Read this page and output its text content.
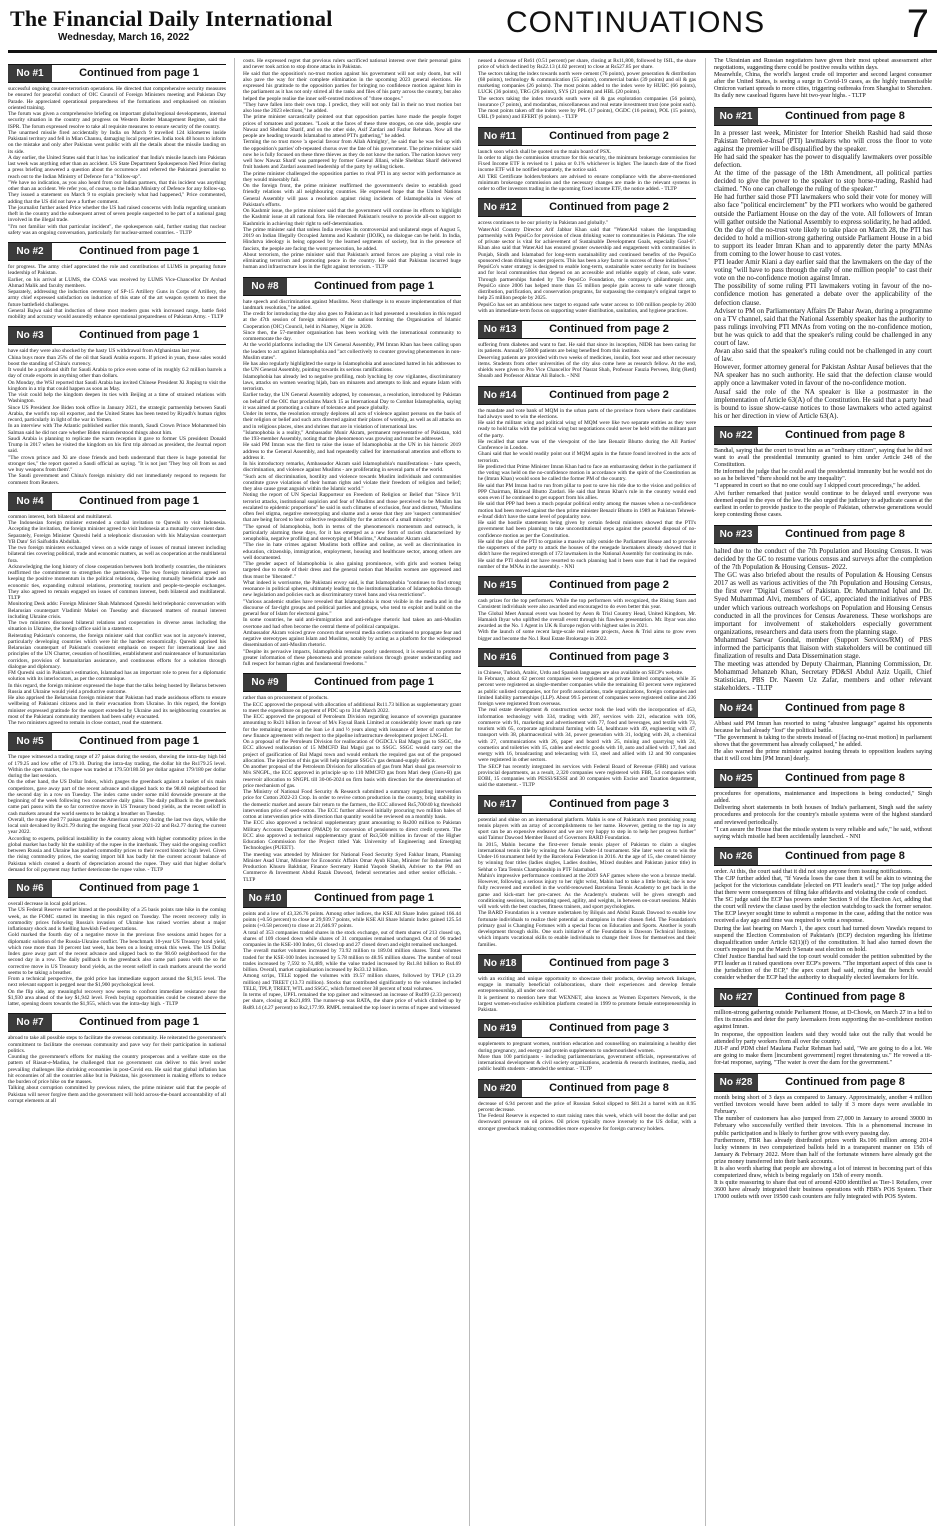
The Financial Daily International
Wednesday, March 16, 2022	CONTINUATIONS	7
No #1	Continued from page 1

successful ongoing counter-terrorism operations. He directed that comprehensive security measures be ensured for peaceful conduct of OIC Council of Foreign Ministers meeting and Pakistan Day Parade. He appreciated operational preparedness of the formations and emphasised on mission oriented training.
The forum was given a comprehensive briefing on important global/regional developments, internal security situation in the country and progress on Western Border Management Regime, said the ISPR. The forum expressed resolve to take all requisite measures to ensure security of the country.
The unarmed missile fired accidentally by India on March 9 travelled 124 kilometres inside Pakistani territory and fell in Mian Channu, damaging local properties. India took 48 hours to inform on the mistake and only after Pakistan went public with all the details about the missile landing on its side.
A day earlier, the United States said that it has 'no indication' that India's missile launch into Pakistan last week was anything other than an accident. US State Department Spokesperson Ned Price during a press briefing answered a question about the occurrence and referred the Pakistani journalist to reach out to the Indian Ministry of Defence for a "follow-up".
"We have no indication, as you also heard from our Indian partners, that this incident was anything other than an accident. We refer you, of course, to the Indian Ministry of Defence for any follow-up. They issued a statement on March 9 to explain precisely what had happened," Price commented, adding that the US did not have a further comment.
The journalist further asked Price whether the US had raised concerns with India regarding uranium theft in the country and the subsequent arrest of seven people suspected to be part of a national gang involved in the illegal trade.
"I'm not familiar with that particular incident", the spokesperson said, further stating that nuclear safety was an ongoing conversation, particularly for nuclear-armed countries. - TLTP

No #2	Continued from page 1

for progress. The army chief appreciated the role and contributions of LUMS in preparing future leadership of Pakistan.
Earlier, on his arrival at LUMS, the COAS was received by LUMS Vice-Chancellor Dr Arshad Ahmad Malik and faculty members.
Separately, addressing the induction ceremony of SP-15 Artillery Guns in Corps of Artillery, the army chief expressed satisfaction on induction of this state of the art weapon system to meet the future battlefield challenges.
General Bajwa said that induction of these most modern guns with increased range, battle field mobility and accuracy would assuredly enhance operational preparedness of Pakistan Army. - TLTP

No #3	Continued from page 1

have said they were also shocked by the hasty US withdrawal from Afghanistan last year.
China buys more than 25% of the oil that Saudi Arabia exports. If priced in yuan, those sales would boost the standing of China's currency.
It would be a profound shift for Saudi Arabia to price even some of its roughly 6.2 million barrels a day of crude exports in anything other than dollars.
On Monday, the WSJ reported that Saudi Arabia has invited Chinese President Xi Jinping to visit the kingdom in a trip that could happen as soon as May.
The visit could help the kingdom deepen its ties with Beijing at a time of strained relations with Washington.
Since US President Joe Biden took office in January 2021, the strategic partnership between Saudi Arabia, the world's top oil exporter, and the United States has been tested by Riyadh's human rights record, particularly in light of the war in Yemen.
In an interview with The Atlantic published earlier this month, Saudi Crown Prince Mohammed bin Salman said he did not care whether Biden misunderstood things about him.
Saudi Arabia is planning to replicate the warm reception it gave to former US president Donald Trump in 2017 when he visited the kingdom on his first trip abroad as president, the Journal report said.
"The crown prince and Xi are close friends and both understand that there is huge potential for stronger ties," the report quoted a Saudi official as saying. "It is not just 'They buy oil from us and we buy weapons from them'."
The Saudi government and China's foreign ministry did not immediately respond to requests for comment from Reuters.

No #4	Continued from page 1

common interest, both bilateral and multilateral.
The Indonesian foreign minister extended a cordial invitation to Qureshi to visit Indonesia. Accepting the invitation, the foreign minister agreed to visit Indonesia at a mutually convenient date.
Separately, Foreign Minister Qureshi held a telephonic discussion with his Malaysian counterpart YB Dato' Sri Saifuddin Abdullah.
The two foreign ministers exchanged views on a wide range of issues of mutual interest including bilateral ties covering political, trade and economic matters, as well as cooperation at the multilateral fora.
Acknowledging the long history of close cooperation between both brotherly countries, the ministers reaffirmed the commitment to strengthen the partnership. The two foreign ministers agreed on keeping the positive momentum in the political relations, deepening mutually beneficial trade and economic ties, expanding cultural relations, promoting tourism and people-to-people exchanges. They also agreed to remain engaged on issues of common interest, both bilateral and multilateral. TLTP
Monitoring Desk adds: Foreign Minister Shah Mahmood Qureshi held telephonic conversation with Belarusian counterpart Vladimir Makei on Tuesday and discussed matters of mutual interest including Ukraine crisis.
The two ministers discussed bilateral relations and cooperation in diverse areas including the situation in Ukraine, the foreign office said in a statement.
Reiterating Pakistan's concerns, the foreign minister said that conflict was not in anyone's interest, particularly developing countries which were hit the hardest economically. Qureshi apprised his Belarusian counterpart of Pakistan's consistent emphasis on respect for international law and principles of the UN Charter, cessation of hostilities, establishment and maintenance of humanitarian corridors, provision of humanitarian assistance, and continuous efforts for a solution through dialogue and diplomacy.
FM Qureshi said in Pakistan's estimation, Islamabad has an important role to press for a diplomatic solution with its interlocutors, as per the communique.
In this regard, the foreign minister expressed the hope that the talks being hosted by Belarus between Russia and Ukraine would yield a productive outcome.
He also apprised the Belarusian foreign minister that Pakistan had made assiduous efforts to ensure wellbeing of Pakistani citizens and in their evacuation from Ukraine. In this regard, the foreign minister expressed gratitude for the support extended by Ukraine and its neighbouring countries as most of the Pakistani community members had been safely evacuated.
The two ministers agreed to remain in close contact, read the statement.

No #5	Continued from page 1

The rupee witnessed a trading range of 27 paisas during the session, showing the intra-day high bid of 179.25 and low offer of 179.10. During the intra-day trading, the dollar hit the Rs179.25 level. Within the open market, the rupee was traded at 179.50/180.50 per dollar against 179/180 per dollar during the last session.
On the other hand, the US Dollar Index, which gauges the greenback against a basket of six main competitors, gave away part of the recent advance and slipped back to the 98.60 neighborhood for the second day in a row on Tuesday. The index came under some mild downside pressure at the beginning of the week following two consecutive daily gains. The daily pullback in the greenback came pari passu with the so far corrective move in US Treasury bond yields, as the recent selloff in cash markets around the world seems to be taking a breather on Tuesday.
Overall, the rupee shed 77 paisas against the American currency during the last two days, while the local unit devalued by Rs21.79 during the ongoing fiscal year 2021-22 and Rs2.77 during the current year 2022.
According to experts, political instability in the country along with higher commodity prices in the global market has badly hit the stability of the rupee in the interbank. They said the ongoing conflict between Russia and Ukraine has pushed commodity prices to their record historic high level. Given the rising commodity prices, the soaring import bill has badly hit the current account balance of Pakistan which created a dearth of depreciation around the rupee. They said that higher dollar's demand for oil payment may further deteriorate the rupee value. - TLTP

No #6	Continued from page 1

overall decrease in local gold prices.
The US Federal Reserve earlier hinted at the possibility of a 25 basis points rate hike in the coming week, as the FOMC started its meeting in this regard on Tuesday. The recent recovery rally in commodity prices following Russia's invasion of Ukraine has raised worries about a major inflationary shock and is fuelling hawkish Fed expectations.
Gold marked the fourth day of a negative move in the previous five sessions amid hopes for a diplomatic solution of the Russia-Ukraine conflict. The benchmark 10-year US Treasury bond yield, which rose more than 10 percent last week, has been on a losing streak this week. The US Dollar Index gave away part of the recent advance and slipped back to the 98.60 neighborhood for the second day in a row. The daily pullback in the greenback also came pari passu with the so far corrective move in US Treasury bond yields, as the recent selloff in cash markets around the world seems to be taking a breather.
From a technical perspective, the gold price has immediate support around the $1,915 level. The next relevant support is pegged near the $1,900 psychological level.
On the flip side, any meaningful recovery now seems to confront immediate resistance near the $1,930 area ahead of the key $1,942 level. Fresh buying opportunities could be created above the latter, opening doors towards the $1,955, which was the intra-day high. - TLTP

No #7	Continued from page 1

abroad to take all possible steps to facilitate the overseas community. He reiterated the government's commitment to facilitate the overseas community and pave way for their participation in national politics.
Counting the government's efforts for making the country prosperous and a welfare state on the pattern of Riasat-e-Madina, he challenged that no government can deliver to this level under prevailing challenges like shrinking economies in post-Covid era. He said that global inflation has hit economies of all the countries alike but in Pakistan, his government is making efforts to reduce the burden of price hike on the masses.
Talking about corruption committed by previous rulers, the prime minister said that the people of Pakistan will never forgive them and the government will hold across-the-board accountability of all corrupt elements at all

costs. He expressed regret that previous rulers sacrificed national interest over their personal gains and never took action to stop drone attacks in Pakistan.
He said that the opposition's no-trust motion against his government will not only doom, but will also pave the way for their complete elimination in the upcoming 2023 general elections. He expressed his gratitude to the opposition parties for bringing no confidence motion against him in the parliament as it has not only stirred all the ranks and files of his party across the country, but also helped the people realise the inner self-centred motives of "three stooges."
"They have fallen into their own trap. I predict, they will not only fail in their no trust motion but also lose the 2023 elections," he added.
The prime minister sarcastically pointed out that opposition parties have made the people forget prices of tomatoes and potatoes. "Look at the faces of these three stooges, on one side, people saw Nawaz and Shehbaz Sharif, and on the other side, Asif Zardari and Fazlur Rehman. Now all the people are heading towards Islamabad to attend PTI's gathering," he added.
Terming the no trust move 'a special favour from Allah Almighty', he said that he was fed up with the opposition's parties' oft-repeated chorus over the fate of his government. The prime minister said now he is fully focused on these three thieves as they do not know the nation. The nation knows very well how Nawaz Sharif was pampered by former General Jillani, while Shehbaz Sharif delivered fruit baskets and Zardari assumed leadership of the party by selling tickets.
The prime minister challenged the opposition parties to rival PTI in any sector with performance as they would miserably fail.
On the foreign front, the prime minister reaffirmed the government's desire to establish good friendly relations with all neighbouring countries. He expressed hope that the United Nations General Assembly will pass a resolution against rising incidents of Islamophobia in view of Pakistan's efforts.
On Kashmir issue, the prime minister said that the government will continue its efforts to highlight the Kashmir issue at all national fora. He reiterated Pakistan's resolve to provide all-out support to Kashmiris in achieving their right to self-determination.
The prime minister said that unless India revokes its controversial and unilateral steps of August 5, 2019 on Indian Illegally Occupied Jammu and Kashmir (IIOJK), no dialogue can be held. In India, Hindutva ideology is being opposed by the learned segments of society, but in the presence of fascists, the people are facing the worst persecution, he added.
About terrorism, the prime minister said that Pakistan's armed forces are playing a vital role in eliminating terrorism and promoting peace in the country. He said that Pakistan incurred huge human and infrastructure loss in the fight against terrorism. - TLTP

No #8	Continued from page 1

hate speech and discrimination against Muslims. Next challenge is to ensure implementation of that landmark resolution," he added.
The credit for introducing the day also goes to Pakistan as it had presented a resolution in this regard at the 47th session of foreign ministers of the nations forming the Organisation of Islamic Cooperation (OIC) Council, held in Niamey, Niger in 2020.
Since then, the 57-member organisation has been working with the international community to commemorate the day.
At the world platforms including the UN General Assembly, PM Imran Khan has been calling upon the leaders to act against Islamophobia and "act collectively to counter growing phenomenon in non-Muslim states".
He has also regularly highlighted the surge in Islamophobia and associated hatred in his addresses to the UN General Assembly, pointing towards its serious ramifications.
Islamophobia has already led to negative profiling, mob lynching by cow vigilantes, discriminatory laws, attacks on women wearing hijab, ban on minarets and attempts to link and equate Islam with terrorism.
Earlier today, the UN General Assembly adopted, by consensus, a resolution, introduced by Pakistan on behalf of the OIC that proclaims March 15 as International Day to Combat Islamophobia, saying it was aimed at promoting a culture of tolerance and peace globally.
Under its terms, the resolution strongly deplores all acts of violence against persons on the basis of their religion or belief and such acts directed against their places of worship, as well as all attacks on and in religious places, sites and shrines that are in violation of international law.
"Islamophobia is a reality," Ambassador Munir Akram, permanent representative of Pakistan, told the 193-member Assembly, noting that the phenomenon was growing and must be addressed.
He said PM Imran was the first to raise the issue of Islamophobia at the UN in his historic 2019 address to the General Assembly, and had repeatedly called for international attention and efforts to address it.
In his introductory remarks, Ambassador Akram said Islamophobia's manifestations - hate speech, discrimination, and violence against Muslims - are proliferating in several parts of the world.
"Such acts of discrimination, hostility and violence towards Muslim individuals and communities constitute grave violations of their human rights and violate their freedom of religion and belief; they also cause great anguish within the Islamic world."
Noting the report of UN Special Rapporteur on Freedom of Religion or Belief that "Since 9/11 terrorist attacks, institutional suspicion and fear of Muslims and those perceived to be Muslim has escalated to epidemic proportions" he said in such climates of exclusion, fear and distrust, "Muslims often feel stigma, negative stereotyping and shame and a sense that they are 'suspect communities' that are being forced to bear collective responsibility for the actions of a small minority."
"The spread of Islamophobia, both in terms of the phenomenon's momentum and outreach, is particularly alarming these days, for it has emerged as a new form of racism characterized by xenophobia, negative profiling and stereotyping of Muslims," Ambassador Akram said.
"The rise in hate crimes against Muslims both offline and online, as well as discrimination in education, citizenship, immigration, employment, housing and healthcare sector, among others are well documented.
"The gender aspect of Islamophobia is also gaining prominence, with girls and women being targeted due to mode of their dress and the general notion that Muslim women are oppressed and thus must be 'liberated'."
What indeed is worrisome, the Pakistani envoy said, is that Islamophobia "continues to find strong resonance in political spheres, ultimately leading to the institutionalization of Islamophobia through new legislation and policies such as discriminatory travel bans and visa restrictions".
"Various academic studies have revealed that Islamophobia is most visible in the media and in the discourse of far-right groups and political parties and groups, who tend to exploit and build on the general fear of Islam for electoral gains."
In some countries, he said anti-immigration and anti-refugee rhetoric had taken an anti-Muslim overtone and had often become the central theme of political campaigns.
Ambassador Akram voiced grave concern that several media outlets continued to propagate fear and negative stereotypes against Islam and Muslims, notably by acting as a platform for the widespread dissemination of anti-Muslim rhetoric.
"Despite its pervasive impacts, Islamophobia remains poorly understood, it is essential to promote greater information of these phenomena and promote solutions through greater understanding and full respect for human rights and fundamental freedoms."

No #9	Continued from page 1

rather than on procurement of products.
The ECC approved the proposal with allocation of additional Rs11.73 billion as supplementary grant to meet the expenditure on payment of PDC up to 31st March 2022.
The ECC approved the proposal of Petroleum Division regarding issuance of sovereign guarantee amounting to Rs21 billion in favour of M/s Faysal Bank Limited at considerably lower mark up rate for the remaining tenure of the loan i.e 4 and ½ years along with issuance of letter of comfort for new finance agreement with respect to the pipeline infrastructure development project LNG-II.
On a proposal of the Petroleum Division for reallocation of OGDCL's Bal Magsi gas to SSGC, the ECC allowed reallocation of 15 MMCFD Bal Magsi gas to SSGC. SSGC would carry out the project of gasification of Bal Magsi town and would embark the required gas out of the proposed allocation. The injection of this gas will help mitigate SSGC's gas demand-supply deficit.
On another proposal of the Petroleum Division for allocation of gas from Mari shoal gas reservoir to M/s SNGPL, the ECC approved in principle up to 110 MMCFD gas from Mari deep (Goru-B) gas reservoir allocation to SNGPL till 30-06-2024 on firm basis with direction for the determination of price mechanism of gas.
The Ministry of National Food Security & Research submitted a summary regarding intervention price for Cotton 2022-23 Crop. In order to revive cotton production in the country, bring stability in the domestic market and assure fair return to the farmers, the ECC allowed Rs5,700/40 kg threshold intervention price of seed-cotton. The ECC further allowed initially procuring two million bales of cotton at intervention price with direction that quantity would be reviewed on a monthly basis.
The ECC also approved a technical supplementary grant amounting to Rs200 million to Pakistan Military Accounts Department (PMAD) for conversion of pensioners to direct credit system. The ECC also approved a technical supplementary grant of Rs3,500 million in favour of the Higher Education Commission for the Project titled Yak University of Engineering and Emerging Technologies (PUEET).
The meeting was attended by Minister for National Food Security Syed Fakhar Imam, Planning Minister Asad Umar, Minister for Economic Affairs Omar Ayub Khan, Minister for Industries and Production Khusro Bakhtiar, Finance Secretary Hamid Yaqoob Sheikh, Adviser to the PM on Commerce & Investment Abdul Razak Dawood, federal secretaries and other senior officials. - TLTP

No #10	Continued from page 1

points and a low of 43,326.76 points. Among other indices, the KSE All Share Index gained 166.44 points (+0.56 percent) to close at 29,939.7 points, while KSE All Share Islamic Index gained 125.54 points (+0.58 percent) to close at 21,646.97 points.
A total of 353 companies traded shares in the stock exchange, out of them shares of 213 closed up, shares of 109 closed down while shares of 31 companies remained unchanged. Out of 96 traded companies in the KSE-100 Index, 61 closed up and 27 closed down and eight remained unchanged.
The overall market volumes increased by 73.92 million to 189.04 million shares. Total volumes traded for the KSE-100 Index increased by 5.78 million to 48.95 million shares. The number of total trades increased by 7,592 to 74,489, while the value traded increased by Rs1.84 billion to Rs4.69 billion. Overall, market capitalisation increased by Rs33.12 billion.
Among scrips, TELE topped the volumes with 19.57 million shares, followed by TPLP (13.29 million) and TREET (13.73 million). Stocks that contributed significantly to the volumes included TELE, TPLP, TREET, WTL and SSGC, which formed over 38 percent of total volumes.
In terms of rupee, UPFL remained the top gainer and witnessed an increase of Rs499 (2.33 percent) per share, closing at Rs21,899. The runner-up was BATA, the share price of which climbed up by Rs89.14 (4.27 percent) to Rs2,177.99. RMPL remained the top loser in terms of rupee and witnessed

nessed a decrease of Rs61 (0.51 percent) per share, closing at Rs11,800, followed by ISIL, the share price of which declined by Rs22.13 (4.02 percent) to close at Rs527.85 per share.
The sectors taking the index towards north were cement (76 points), power generation & distribution (68 points), technology & communication (55 points), commercial banks (39 points) and oil & gas marketing companies (26 points). The most points added to the index were by HUBC (66 points), LUCK (36 points), TRG (26 points), SYS (21 points) and HBL (20 points).
The sectors taking the index towards south were oil & gas exploration companies (56 points), insurance (7 points), and modarabas, miscellaneous and real estate investment trust (one point each). The most points taken off the index were by PPL (17 points), OGDC (16 points), POL (15 points), UBL (9 points) and EFERT (6 points). - TLTP

No #11	Continued from page 2

launch soon which shall be quoted on the main board of PSX.
In order to align the commission structure for this security, the minimum brokerage commission for Fixed Income ETF is revised to 1 paisa or 0.1% whichever is higher. The launch date of the fixed income ETF will be notified separately, the notice said.
All TRE Certificate holders/brokers are advised to ensure compliance with the above-mentioned minimum brokerage commission and the necessary changes are made in the relevant systems in order to offer investors trading in the upcoming fixed income ETF, the notice added. - TLTP

No #12	Continued from page 2

access continues to be our priority in Pakistan and globally."
WaterAid Country Director Arif Jabbar Khan said that "WaterAid values the longstanding partnership with PepsiCo for provision of clean drinking water to communities in Pakistan. The role of private sector is vital for achievement of Sustainable Development Goals, especially Goal-6". Khan also said that WaterAid has ensured greater ownership and engagement with communities in Punjab, Sindh and Islamabad for long-term sustainability and continued benefits of the PepsiCo sponsored clean drinking water projects. This has been a key factor in success of these initiatives."
PepsiCo's water strategy is designed to enable long-term, sustainable water security for its business and for local communities that depend on an accessible and reliable supply of clean, safe water. Through partnerships funded by The PepsiCo Foundation, the company's philanthropic arm, PepsiCo since 2006 has helped more than 55 million people gain access to safe water through distribution, purification, and conservation programs, far surpassing the company's original target to help 25 million people by 2025.
PepsiCo has set an ambitious new target to expand safe water access to 100 million people by 2030 with an immediate-term focus on supporting water distribution, sanitation, and hygiene practices.

No #13	Continued from page 2

suffering from diabetes and want to fast. He said that since its inception, NIDR has been caring for its patients. Annually 50000 patients are being benefited from this institute.
Deserving patients are provided with two weeks of medicines, insulin, foot wear and other necessary items. Students from other universities of the city also come here as research fellow. At the end, shields were given to Pro Vice Chancellor Prof Nasrat Shah, Professor Fauzia Perveen, Brig (Retd) Shoaib and Professor Akhtar Ali Baloch. - NNI

No #14	Continued from page 2

the mandate and vote bank of MQM in the urban parts of the province from where their candidates had always used to win the elections.
He said the militant wing and political wing of MQM were like two separate entities as they were ready to hold talks with the political wing but negotiations could never be held with the militant part of the party.
He recalled that same was of the viewpoint of the late Benazir Bhutto during the All Parties' Conference in London.
Ghani said that he would readily point out if MQM again in the future found involved in the acts of terrorism.
He predicted that Prime Minister Imran Khan had to face an embarrassing defeat in the parliament if the voting was held on the no-confidence motion in accordance with the spirit of the Constitution as he (Imran Khan) would soon be called the former PM of the country.
He said that PM Imran had to run from pillar to post to save his ride due to the vision and politics of PPP Chairman, Bilawal Bhutto Zardari. He said that Imran Khan's rule in the country would end soon even if he continued to get support from his allies.
He said that PPP had been a much popular political entity among the masses when a no-confidence motion had been moved against the then prime minister Benazir Bhutto in 1989 as Pakistan Tehreek-e-Insaf didn't have the same level of popularity now.
He said the hostile statements being given by certain federal ministers showed that the PTI's government had been planning to take unconstitutional steps against the peaceful disposal of no-confidence motion as per the Constitution.
He said the plan of the PTI to organise a massive rally outside the Parliament House and to provoke the supporters of the party to attack the houses of the renegade lawmakers already showed that it didn't have the required strength of 172 lawmakers in the National Assembly for continuing its rule.
He said the PTI should not have resorted to such planning had it been sure that it had the required number of the MNAs in the assembly. - NNI

No #15	Continued from page 2

cash prizes for the top performers. While the top performers with recognized, the Rising Stars and Consistent individuals were also awarded and encouraged to do even better this year.
The Global Meet Annual event was hosted by Aeon & Trisl Country Head, United Kingdom, Mr. Hamaish Ibyar who uplifted the overall event through his flawless presentation. Mr. Ibyar was also awarded as the No. 1 Agent in UK & Europe region with highest sales in 2021.
With the launch of some recent large-scale real estate projects, Aeon & Trisl aims to grow even bigger and become the No.1 Real Estate Brokerage in 2022.

No #16	Continued from page 3

in Chinese, Turkish, Arabic, Urdu and Spanish languages are also available on SECP's website.
In February, about 62 percent companies were registered as private limited companies, while 35 percent were registered as single-member companies while the remaining 03 percent were registered as public unlisted companies, not for profit associations, trade organizations, foreign companies and limited liability partnerships (LLP). About 99.5 percent of companies were registered online and 236 foreign were registered from overseas.
The real estate development & construction sector took the lead with the incorporation of 453, information technology with 334, trading with 287, services with 221, education with 106, commerce with 91, marketing and advertisement with 77, food and beverages, and textile with 73, tourism with 65, corporate agricultural farming with 54, healthcare with 49, engineering with 47, transport with 38, pharmaceutical with 34, power generation with 31, lodging with 28, a chemical with 27, communications with 26, paper and board with 25, mining and quarrying with 24, cosmetics and toiletries with 15, cables and electric goods with 10, auto and allied with 17, fuel and energy with 16, broadcasting and telecasting with 13, steel and allied with 12 and 90 companies were registered in other sectors.
The SECP has recently integrated its services with Federal Board of Revenue (FBR) and various provincial departments, as a result, 2,320 companies were registered with FBR, 54 companies with EOBI, 15 companies with PESSI/SESSI and 30 companies with Excise and Taxation department, said the statement. - TLTP

No #17	Continued from page 3

potential and shine on an international platform. Mahin is one of Pakistan's most promising young tennis players with an array of accomplishments to her name. However, getting to the top in any sport can be an expensive endeavor and we are very happy to step in to help her progress further" said Taimur Dawood Member Board of Governors BARD Foundation.
In 2015, Mahin became the first-ever female tennis player of Pakistan to claim a singles international tennis title by winning the Asian Under-14 tournament. She later went on to win the Under-16 tournament held by the Barcelona Federation in 2016. At the age of 15, she created history by winning four titles (ladies singles, Ladies doubles, Mixed doubles and Pakistan junior title) in Sehhat o Tata Tennis Championship in PTF Islamabad.
Mahin's impressive performance continued at the 2019 SAF games where she won a bronze medal. However, following a serious injury to her right wrist, Mahin had to take a little break; she is now fully recovered and enrolled in the world-renowned Barcelona Tennis Academy to get back in the game and kick-start her pro-career. As the Academy's students will be given strength and conditioning sessions, incorporating speed, agility, and weights, in between on-court sessions. Mahin will work with the best coaches, fitness trainers, and sport psychologists.
The BARD Foundation is a venture undertaken by Bilquis and Abdul Razak Dawood to enable low fortunate individuals to realize their potential as champions in their chosen field. The Foundation's primary goal is Changing Fortunes with a special focus on Education and Sports. Another is youth development through skills. One such initiative of the Foundation is Dawson Technical Institute, which imparts vocational skills to enable individuals to change their lives for themselves and their families.

No #18	Continued from page 3

with an exciting and unique opportunity to showcase their products, develop network linkages, engage in mutually beneficial collaborations, share their experiences and develop female entrepreneurship, all under one roof.
It is pertinent to mention here that WEXNET, also known as Women Exporters Network, is the largest women-exclusive exhibition platform created in 1999 to promote female entrepreneurship in Pakistan.

No #19	Continued from page 3

supplements to pregnant women, nutrition education and counselling on maintaining a healthy diet during pregnancy, and energy and protein supplements to undernourished women.
More than 100 participants - including parliamentarians, government officials, representatives of international development & civil society organisations, academia & research institutes, media, and public health students - attended the seminar. - TLTP

No #20	Continued from page 8

decrease of 6.94 percent and the price of Russian Sokol slipped to $81.24 a barrel with an 8.95 percent decrease.
The Federal Reserve is expected to start raising rates this week, which will boost the dollar and put downward pressure on oil prices. Oil prices typically move inversely to the US dollar, with a stronger greenback making commodities more expensive for foreign currency holders.

The Ukrainian and Russian negotiators have given their most upbeat assessment after negotiations, suggesting there could be positive results within days.
Meanwhile, China, the world's largest crude oil importer and second largest consumer after the United States, is seeing a surge in Covid-19 cases, as the highly transmissible Omicron variant spreads to more cities, triggering outbreaks from Shanghai to Shenzhen. Its daily new caseload figures have hit two-year highs. - TLTP

No #21	Continued from page 8

In a presser last week, Minister for Interior Sheikh Rashid had said those Pakistan Tehreek-e-Insaf (PTI) lawmakers who will cross the floor to vote against the premier will be disqualified by the speaker.
He had said the speaker has the power to disqualify lawmakers over possible defection.
At the time of the passage of the 18th Amendment, all political parties decided to give the power to the speaker to stop horse-trading, Rashid had claimed. "No one can challenge the ruling of the speaker."
He had further said those PTI lawmakers who sold their vote for money will also face "political encirclement" by the PTI workers who would be gathered outside the Parliament House on the day of the vote. All followers of Imran will gather outside the National Assembly to express solidarity, he had added.
On the day of the no-trust vote likely to take place on March 28, the PTI has decided to hold a million-strong gathering outside Parliament House in a bid to support its leader Imran Khan and to apparently deter the party MNAs from coming to the lower house to cast votes.
PTI leader Amir Kiani a day earlier said that the lawmakers on the day of the voting "will have to pass through the rally of one million people" to cast their vote on the no-confidence motion against Imran.
The possibility of some ruling PTI lawmakers voting in favour of the no-confidence motion has generated a debate over the applicability of the defection clause.
Adviser to PM on Parliamentary Affairs Dr Babar Awan, during a programme on a TV channel, said that the National Assembly speaker has the authority to pass rulings involving PTI MNAs from voting on the no-confidence motion, but he was quick to add that the speaker's ruling could be challenged in any court of law.
Awan also said that the speaker's ruling could not be challenged in any court of law.
However, former attorney general for Pakistan Ashtar Ausaf believes that the NA speaker has no such authority. He said that the defection clause would apply once a lawmaker voted in favour of the no-confidence motion.
Ausaf said the role of the NA speaker is like a postmaster in the implementation of Article 63(A) of the Constitution. He said that a party head is bound to issue show-cause notices to those lawmakers who acted against his or her direction in view of Article 63(A).

No #22	Continued from page 8

Bandial, saying that the court to treat him as an "ordinary citizen", saying that he did not want to avail the presidential immunity granted to him under Article 248 of the Constitution.
He informed the judge that he could avail the presidential immunity but he would not do so as he believed "there should not be any inequality".
"I appeared in court so that no one could say I skipped court proceedings," he added.
Alvi further remarked that justice would continue to be delayed until everyone was deemed equal in the eyes of the law. He also urged the judiciary to adjudicate cases at the earliest in order to provide justice to the people of Pakistan, otherwise generations would keep contesting those cases.

No #23	Continued from page 8

halted due to the conduct of the 7th Population and Housing Census. It was decided by the GC to resume various census and surveys after the completion of the 7th Population & Housing Census- 2022.
The GC was also briefed about the results of Population & Housing Census 2017 as well as various activities of the 7th Population and Housing Census, the first ever "Digital Census" of Pakistan. Dr. Muhammad Iqbal and Dr. Syed Muhammad Alvi, members of GC, appreciated the initiatives of PBS under which various outreach workshops on Population and Housing Census conducted in all the provinces for Census Awareness. These workshops are important for involvement of stakeholders especially government organizations, researchers and data users from the planning stage.
Muhammad Sarwar Gondal, member (Support Services/RM) of PBS informed the participants that liaison with stakeholders will be continued till finalization of results and Data Dissemination stage.
The meeting was attended by Deputy Chairman, Planning Commission, Dr. Mohammad Jehanzeb Khan, Secretary PD&SI Abdul Aziz Uqaili, Chief Statistician, PBS Dr. Naeem Uz Zafar, members and other relevant stakeholders. - TLTP

No #24	Continued from page 8

Abbasi said PM Imran has resorted to using "abusive language" against his opponents because he had already "lost" the political battle.
"The government is taking to the streets instead of [facing no-trust motion] in parliament shows that the government has already collapsed," he added.
He also warned the prime minister against issuing threats to opposition leaders saying that it will cost him [PM Imran] dearly.

No #25	Continued from page 8

procedures for operations, maintenance and inspections is being conducted," Singh added.
Delivering short statements in both houses of India's parliament, Singh said the safety procedures and protocols for the country's missile systems were of the highest standard and reviewed periodically.
"I can assure the House that the missile system is very reliable and safe," he said, without saying which missile had been accidentally launched. - NNI

No #26	Continued from page 8

order. At this, the court said that it did not stop anyone from issuing notifications.
The CJP further added that, "If Vawda loses the case then it will be akin to winning the jackpot for the victorious candidate [elected on PTI leader's seat]." The top judge added that there were consequences of filing fake affidavits and violating the code of conduct.
The SC judge said the ECP has powers under Section 9 of the Election Act, adding that the court will review the clause used by the election watchdog to sack the former senator.
The ECP lawyer sought time to submit a response in the case, adding that the notice was received a day ago and time was required to write a response.
During the last hearing on March 1, the apex court had turned down Vawda's request to suspend the Election Commission of Pakistan's (ECP) decision regarding his lifetime disqualification under Article 62(1)(f) of the constitution. It had also turned down the court's request to put the March 9 Senate seat election on hold.
Chief Justice Bandial had said the top court would consider the petition submitted by the PTI leader as it raised questions over ECP's powers. "The important aspect of this case is the jurisdiction of the ECP," the apex court had said, noting that the bench would consider whether the ECP had the authority to disqualify elected lawmakers for life.

No #27	Continued from page 8

million-strong gathering outside Parliament House, at D-Chowk, on March 27 in a bid to flex its muscles and deter the party lawmakers from supporting the no-confidence motion against Imran.
In response, the opposition leaders said they would take out the rally that would be attended by party workers from all over the country.
JUI-F and PDM chief Maulana Fazlur Rehman had said, "We are going to do a lot. We are going to make them [incumbent government] regret threatening us." He vowed a tit-for-tat response, saying, "The water is over the dam for the government."

No #28	Continued from page 8

month being short of 3 days as compared to January. Approximately, another 4 million verified invoices would have been added to tally if 3 more days were available in February.
The number of customers has also jumped from 27,000 in January to around 39000 in February who successfully verified their invoices. This is a phenomenal increase in public participation and is likely to further grow with every passing day.
Furthermore, FBR has already distributed prizes worth Rs.106 million among 2014 lucky winners in two computerized ballots held in a transparent manner on 15th of January & February 2022. More than half of the fortunate winners have already got the prize money transferred into their bank accounts.
It is also worth sharing that people are showing a lot of interest in becoming part of this computerized draw, which is being regularly on 15th of every month.
It is quite reassuring to share that out of around 4200 identified as Tier-1 Retailers, over 3600 have already integrated their business operations with FBR's POS System. Their 17000 outlets with over 19500 cash counters are fully integrated with POS System.
